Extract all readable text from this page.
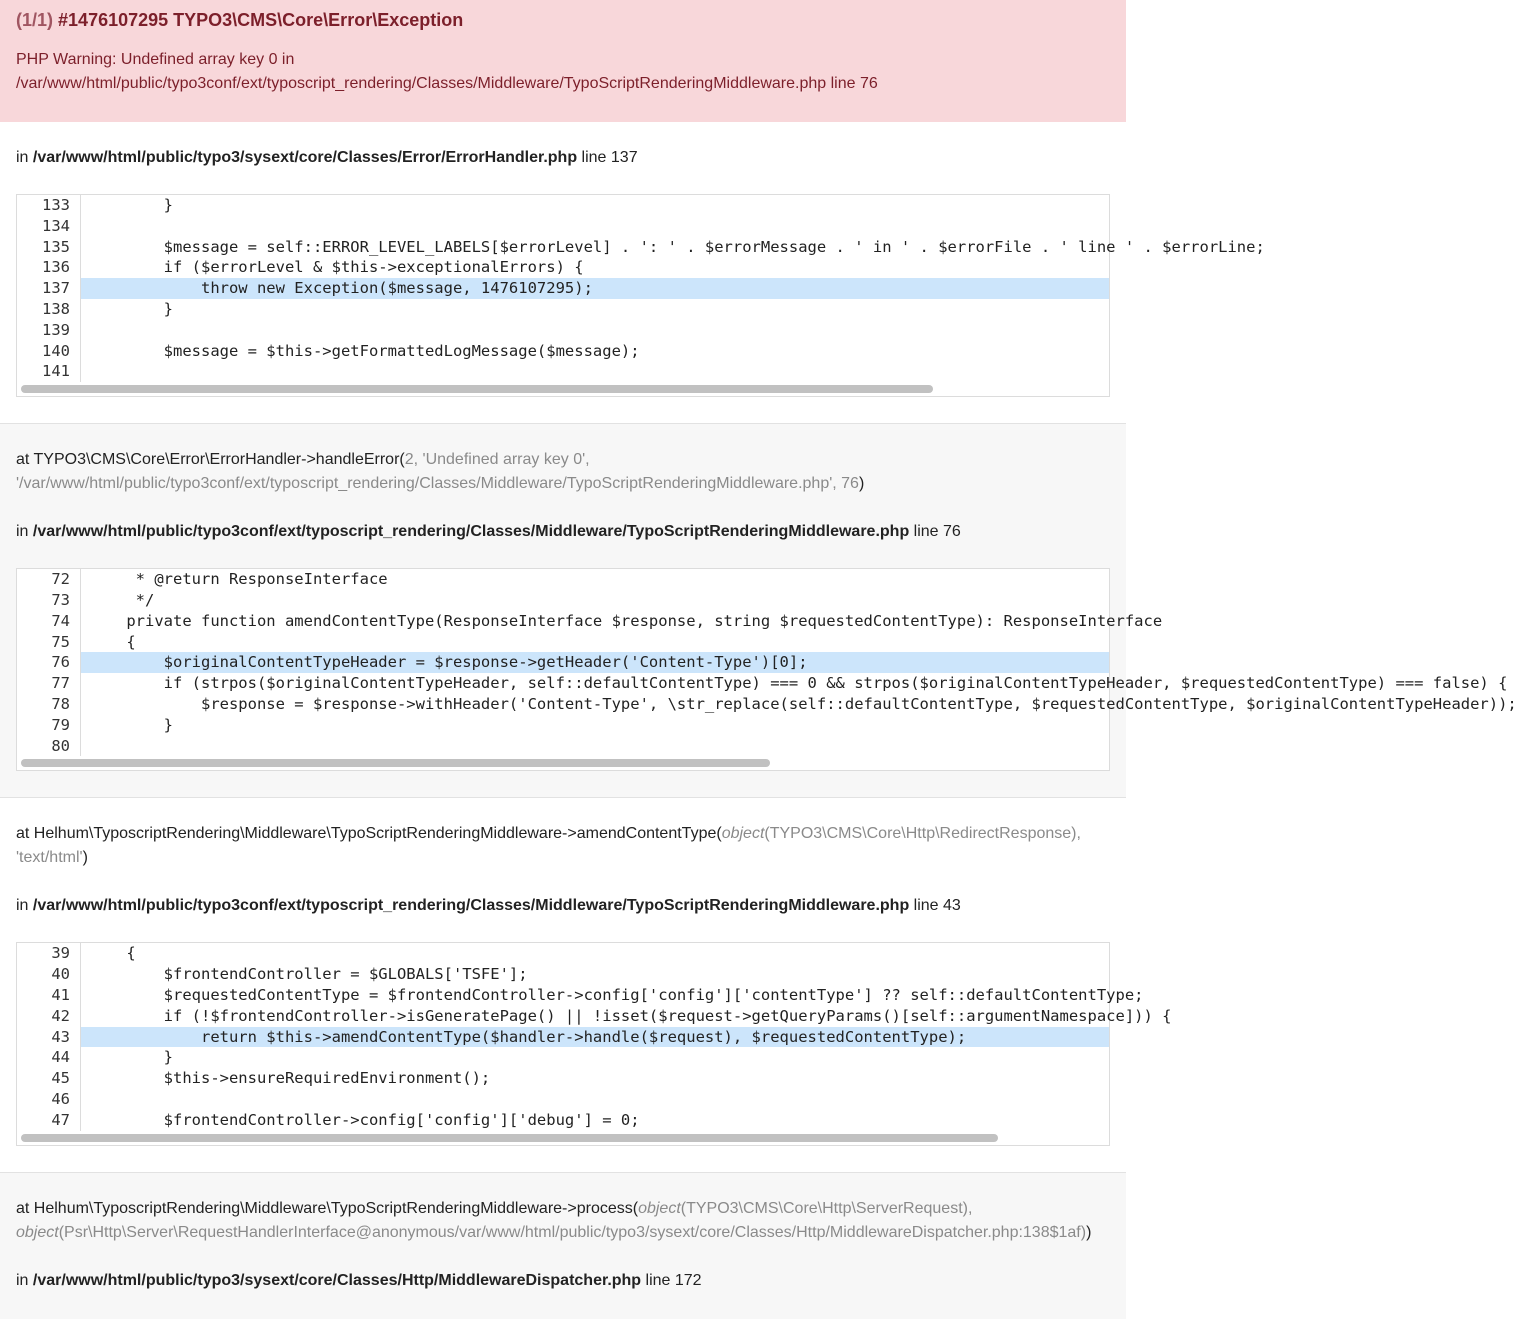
(1/1) #1476107295 TYPO3\CMS\Core\Error\Exception
PHP Warning: Undefined array key 0 in
/var/www/html/public/typo3conf/ext/typoscript_rendering/Classes/Middleware/TypoScriptRenderingMiddleware.php line 76
in /var/www/html/public/typo3/sysext/core/Classes/Error/ErrorHandler.php line 137
133	}
134
135	$message = self::ERROR_LEVEL_LABELS[$errorLevel] . ': ' . $errorMessage . ' in ' . $errorFile . ' line ' . $errorLine;
136	if ($errorLevel & $this->exceptionalErrors) {
137	throw new Exception($message, 1476107295);
138	}
139
140	$message = $this->getFormattedLogMessage($message);
141
at TYPO3\CMS\Core\Error\ErrorHandler->handleError(2, 'Undefined array key 0',
'/var/www/html/public/typo3conf/ext/typoscript_rendering/Classes/Middleware/TypoScriptRenderingMiddleware.php', 76)
in /var/www/html/public/typo3conf/ext/typoscript_rendering/Classes/Middleware/TypoScriptRenderingMiddleware.php line 76
72	* @return ResponseInterface
73	*/
74	private function amendContentType(ResponseInterface $response, string $requestedContentType): ResponseInterface
75	{
76	$originalContentTypeHeader = $response->getHeader('Content-Type')[0];
77	if (strpos($originalContentTypeHeader, self::defaultContentType) === 0 && strpos($originalContentTypeHeader, $requestedContentType) === false) {
78	$response = $response->withHeader('Content-Type', \str_replace(self::defaultContentType, $requestedContentType, $originalContentTypeHeader));
79	}
80
at Helhum\TyposcriptRendering\Middleware\TypoScriptRenderingMiddleware->amendContentType(object(TYPO3\CMS\Core\Http\RedirectResponse),
'text/html')
in /var/www/html/public/typo3conf/ext/typoscript_rendering/Classes/Middleware/TypoScriptRenderingMiddleware.php line 43
39	{
40	$frontendController = $GLOBALS['TSFE'];
41	$requestedContentType = $frontendController->config['config']['contentType'] ?? self::defaultContentType;
42	if (!$frontendController->isGeneratePage() || !isset($request->getQueryParams()[self::argumentNamespace])) {
43	return $this->amendContentType($handler->handle($request), $requestedContentType);
44	}
45	$this->ensureRequiredEnvironment();
46
47	$frontendController->config['config']['debug'] = 0;
at Helhum\TyposcriptRendering\Middleware\TypoScriptRenderingMiddleware->process(object(TYPO3\CMS\Core\Http\ServerRequest),
object(Psr\Http\Server\RequestHandlerInterface@anonymous/var/www/html/public/typo3/sysext/core/Classes/Http/MiddlewareDispatcher.php:138$1af))
in /var/www/html/public/typo3/sysext/core/Classes/Http/MiddlewareDispatcher.php line 172
